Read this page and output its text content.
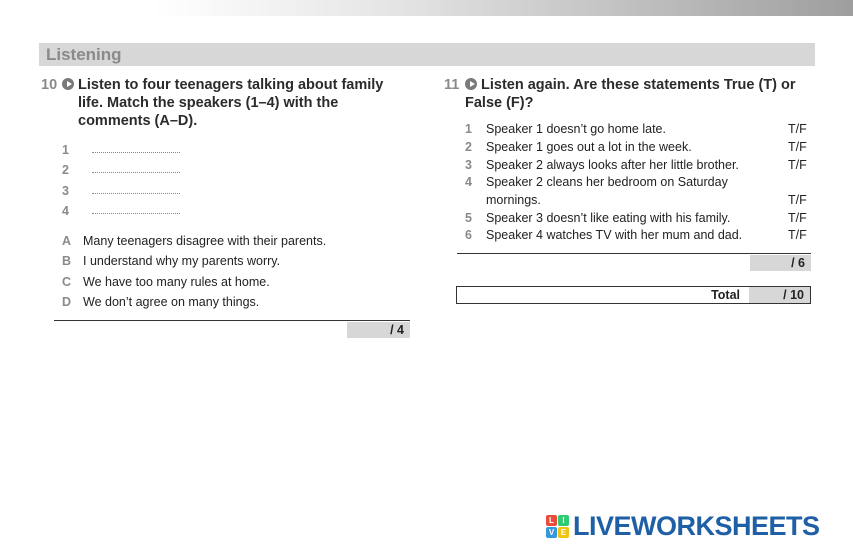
Listening
10 Listen to four teenagers talking about family life. Match the speakers (1–4) with the comments (A–D).
1
2
3
4
A Many teenagers disagree with their parents.
B I understand why my parents worry.
C We have too many rules at home.
D We don’t agree on many things.
/ 4
11	Listen again. Are these statements True (T) or False (F)?
1 Speaker 1 doesn’t go home late.	T/F
2 Speaker 1 goes out a lot in the week.	T/F
3 Speaker 2 always looks after her little brother.	T/F
4 Speaker 2 cleans her bedroom on Saturday
mornings.	T/F
5 Speaker 3 doesn’t like eating with his family.	T/F
6 Speaker 4 watches TV with her mum and dad.	T/F
/ 6
Total	/ 10
L	I
V E LIVEWORKSHEETS
